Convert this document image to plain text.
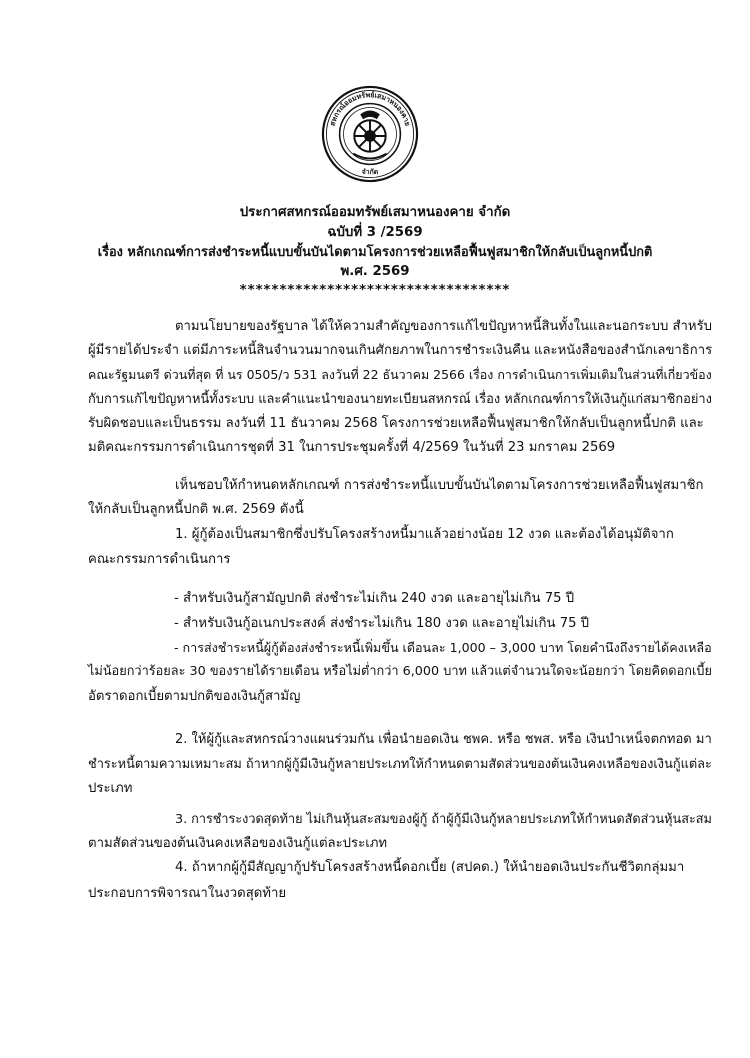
สหกรณ์ออมทรัพย์เสมาหนองคาย
จำกัด
ประกาศสหกรณ์ออมทรัพย์เสมาหนองคาย จำกัด
ฉบับที่ 3 /2569
เรื่อง หลักเกณฑ์การส่งชำระหนี้แบบขั้นบันไดตามโครงการช่วยเหลือฟื้นฟูสมาชิกให้กลับเป็นลูกหนี้ปกติ
พ.ศ. 2569
**********************************
ตามนโยบายของรัฐบาล ได้ให้ความสำคัญของการแก้ไขปัญหาหนี้สินทั้งในและนอกระบบ สำหรับ
ผู้มีรายได้ประจำ แต่มีภาระหนี้สินจำนวนมากจนเกินศักยภาพในการชำระเงินคืน และหนังสือของสำนักเลขาธิการ
คณะรัฐมนตรี ด่วนที่สุด ที่ นร 0505/ว 531 ลงวันที่ 22 ธันวาคม 2566 เรื่อง การดำเนินการเพิ่มเติมในส่วนที่เกี่ยวข้อง
กับการแก้ไขปัญหาหนี้ทั้งระบบ และคำแนะนำของนายทะเบียนสหกรณ์ เรื่อง หลักเกณฑ์การให้เงินกู้แก่สมาชิกอย่าง
รับผิดชอบและเป็นธรรม ลงวันที่ 11 ธันวาคม 2568 โครงการช่วยเหลือฟื้นฟูสมาชิกให้กลับเป็นลูกหนี้ปกติ และ
มติคณะกรรมการดำเนินการชุดที่ 31 ในการประชุมครั้งที่ 4/2569 ในวันที่ 23 มกราคม 2569
เห็นชอบให้กำหนดหลักเกณฑ์ การส่งชำระหนี้แบบขั้นบันไดตามโครงการช่วยเหลือฟื้นฟูสมาชิก
ให้กลับเป็นลูกหนี้ปกติ พ.ศ. 2569 ดังนี้
1. ผู้กู้ต้องเป็นสมาชิกซึ่งปรับโครงสร้างหนี้มาแล้วอย่างน้อย 12 งวด และต้องได้อนุมัติจาก
คณะกรรมการดำเนินการ
- สำหรับเงินกู้สามัญปกติ ส่งชำระไม่เกิน 240 งวด และอายุไม่เกิน 75 ปี
- สำหรับเงินกู้อเนกประสงค์ ส่งชำระไม่เกิน 180 งวด และอายุไม่เกิน 75 ปี
- การส่งชำระหนี้ผู้กู้ต้องส่งชำระหนี้เพิ่มขึ้น เดือนละ 1,000 – 3,000 บาท โดยคำนึงถึงรายได้คงเหลือ
ไม่น้อยกว่าร้อยละ 30 ของรายได้รายเดือน หรือไม่ต่ำกว่า 6,000 บาท แล้วแต่จำนวนใดจะน้อยกว่า โดยคิดดอกเบี้ย
อัตราดอกเบี้ยตามปกติของเงินกู้สามัญ
2. ให้ผู้กู้และสหกรณ์วางแผนร่วมกัน เพื่อนำยอดเงิน ชพค. หรือ ชพส. หรือ เงินบำเหน็จตกทอด มา
ชำระหนี้ตามความเหมาะสม ถ้าหากผู้กู้มีเงินกู้หลายประเภทให้กำหนดตามสัดส่วนของต้นเงินคงเหลือของเงินกู้แต่ละ
ประเภท
3. การชำระงวดสุดท้าย ไม่เกินหุ้นสะสมของผู้กู้ ถ้าผู้กู้มีเงินกู้หลายประเภทให้กำหนดสัดส่วนหุ้นสะสม
ตามสัดส่วนของต้นเงินคงเหลือของเงินกู้แต่ละประเภท
4. ถ้าหากผู้กู้มีสัญญากู้ปรับโครงสร้างหนี้ดอกเบี้ย (สปคด.) ให้นำยอดเงินประกันชีวิตกลุ่มมา
ประกอบการพิจารณาในงวดสุดท้าย
